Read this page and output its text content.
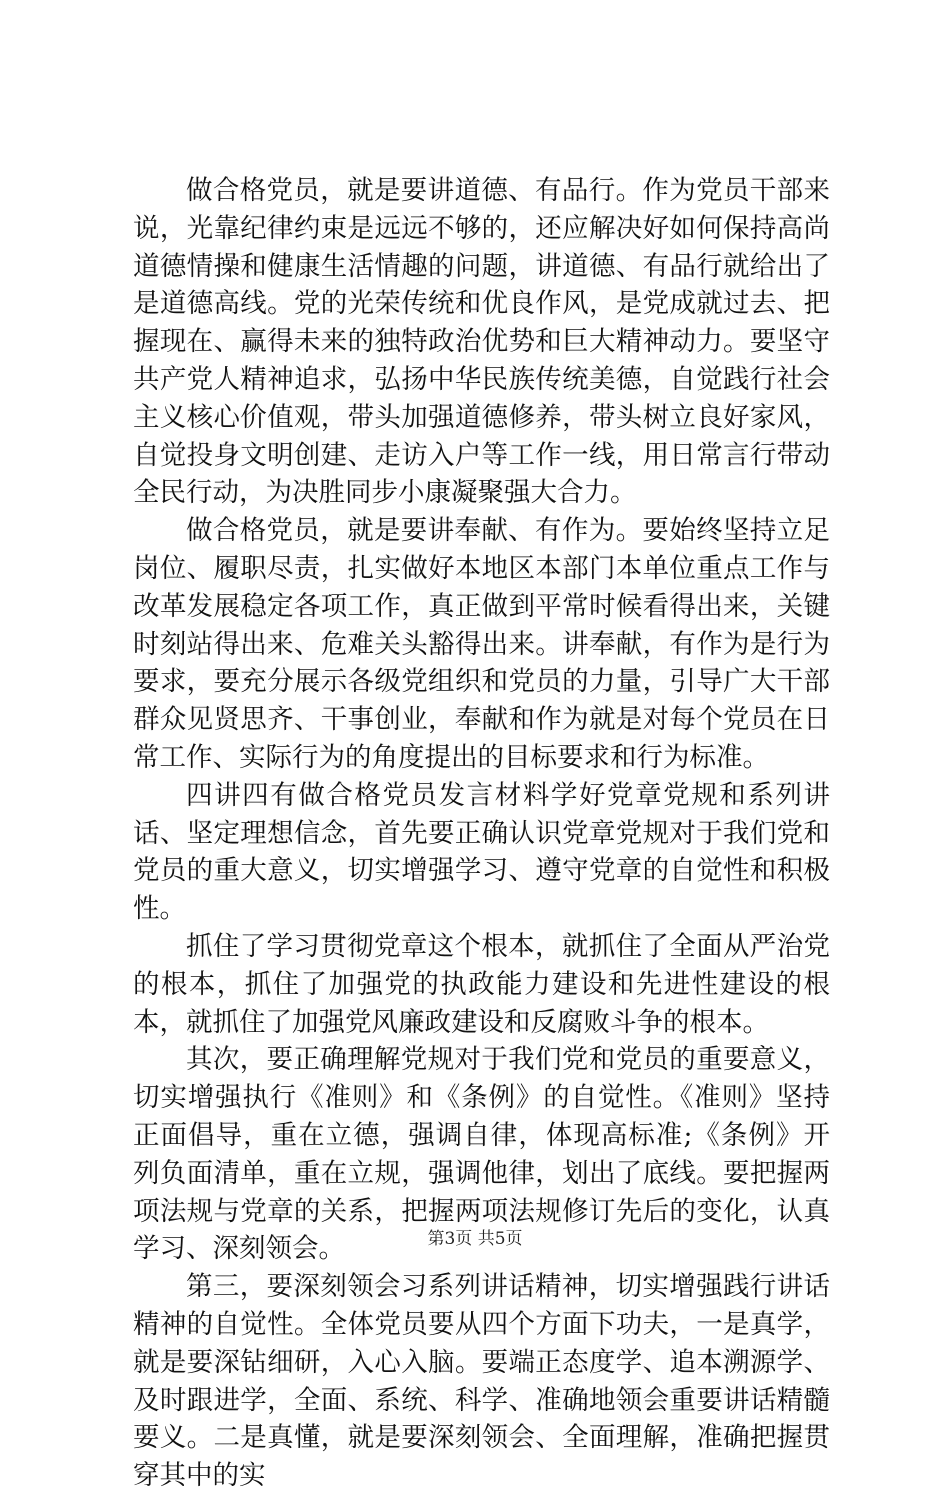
做合格党员，就是要讲道德、有品行。作为党员干部来说，光靠纪律约束是远远不够的，还应解决好如何保持高尚道德情操和健康生活情趣的问题，讲道德、有品行就给出了是道德高线。党的光荣传统和优良作风，是党成就过去、把握现在、赢得未来的独特政治优势和巨大精神动力。要坚守共产党人精神追求，弘扬中华民族传统美德，自觉践行社会主义核心价值观，带头加强道德修养，带头树立良好家风，自觉投身文明创建、走访入户等工作一线，用日常言行带动全民行动，为决胜同步小康凝聚强大合力。

做合格党员，就是要讲奉献、有作为。要始终坚持立足岗位、履职尽责，扎实做好本地区本部门本单位重点工作与改革发展稳定各项工作，真正做到平常时候看得出来，关键时刻站得出来、危难关头豁得出来。讲奉献，有作为是行为要求，要充分展示各级党组织和党员的力量，引导广大干部群众见贤思齐、干事创业，奉献和作为就是对每个党员在日常工作、实际行为的角度提出的目标要求和行为标准。

四讲四有做合格党员发言材料学好党章党规和系列讲话、坚定理想信念，首先要正确认识党章党规对于我们党和党员的重大意义，切实增强学习、遵守党章的自觉性和积极性。

抓住了学习贯彻党章这个根本，就抓住了全面从严治党的根本，抓住了加强党的执政能力建设和先进性建设的根本，就抓住了加强党风廉政建设和反腐败斗争的根本。

其次，要正确理解党规对于我们党和党员的重要意义，切实增强执行《准则》和《条例》的自觉性。《准则》坚持正面倡导，重在立德，强调自律，体现高标准;《条例》开列负面清单，重在立规，强调他律，划出了底线。要把握两项法规与党章的关系，把握两项法规修订先后的变化，认真学习、深刻领会。

第三，要深刻领会习系列讲话精神，切实增强践行讲话精神的自觉性。全体党员要从四个方面下功夫，一是真学，就是要深钻细研，入心入脑。要端正态度学、追本溯源学、及时跟进学，全面、系统、科学、准确地领会重要讲话精髓要义。二是真懂，就是要深刻领会、全面理解，准确把握贯穿其中的实

第3页 共5页
